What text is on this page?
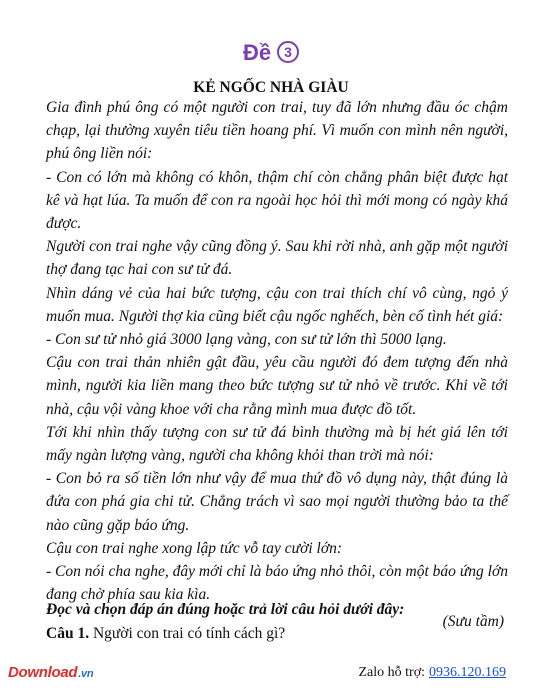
Đề 3
KẺ NGỐC NHÀ GIÀU

Gia đình phú ông có một người con trai, tuy đã lớn nhưng đầu óc chậm chạp, lại thường xuyên tiêu tiền hoang phí. Vì muốn con mình nên người, phú ông liền nói:

- Con có lớn mà không có khôn, thậm chí còn chẳng phân biệt được hạt kê và hạt lúa. Ta muốn để con ra ngoài học hỏi thì mới mong có ngày khá được.

Người con trai nghe vậy cũng đồng ý. Sau khi rời nhà, anh gặp một người thợ đang tạc hai con sư tử đá.

Nhìn dáng vẻ của hai bức tượng, cậu con trai thích chí vô cùng, ngỏ ý muốn mua. Người thợ kia cũng biết cậu ngốc nghếch, bèn cố tình hét giá:

- Con sư tử nhỏ giá 3000 lạng vàng, con sư tử lớn thì 5000 lạng.

Cậu con trai thản nhiên gật đầu, yêu cầu người đó đem tượng đến nhà mình, người kia liền mang theo bức tượng sư tử nhỏ về trước. Khi về tới nhà, cậu vội vàng khoe với cha rằng mình mua được đồ tốt.

Tới khi nhìn thấy tượng con sư tử đá bình thường mà bị hét giá lên tới mấy ngàn lượng vàng, người cha không khỏi than trời mà nói:

- Con bỏ ra số tiền lớn như vậy để mua thứ đồ vô dụng này, thật đúng là đứa con phá gia chi tử. Chẳng trách vì sao mọi người thường bảo ta thế nào cũng gặp báo ứng.

Cậu con trai nghe xong lập tức vỗ tay cười lớn:

- Con nói cha nghe, đây mới chỉ là báo ứng nhỏ thôi, còn một báo ứng lớn đang chờ phía sau kia kìa.

(Sưu tầm)

Đọc và chọn đáp án đúng hoặc trả lời câu hỏi dưới đây:

Câu 1. Người con trai có tính cách gì?

Download.vn	Zalo hỗ trợ: 0936.120.169
